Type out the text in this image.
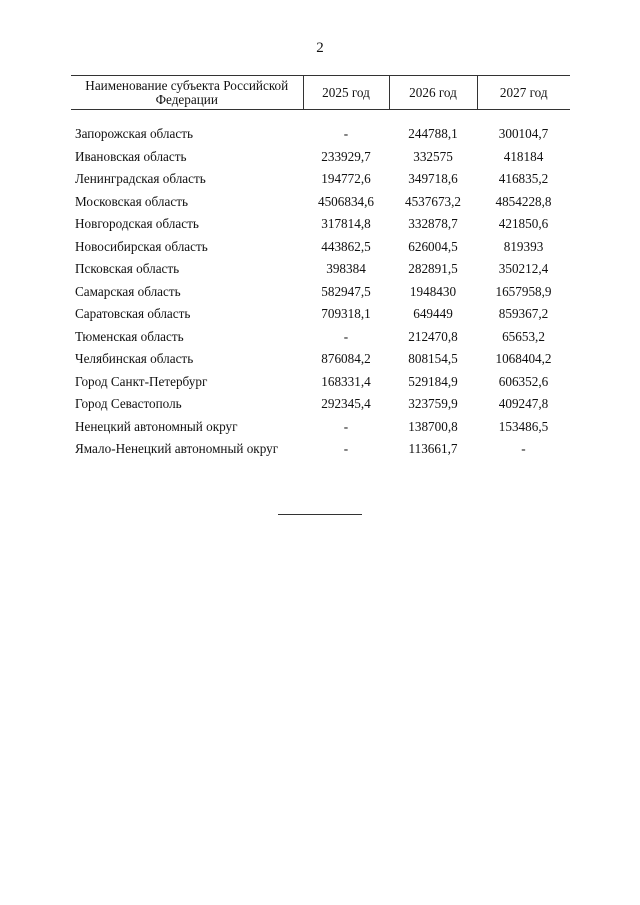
2
Наименование субъекта Российской Федерации	2025 год	2026 год	2027 год

Запорожская область	-	244788,1	300104,7
Ивановская область	233929,7	332575	418184
Ленинградская область	194772,6	349718,6	416835,2
Московская область	4506834,6	4537673,2	4854228,8
Новгородская область	317814,8	332878,7	421850,6
Новосибирская область	443862,5	626004,5	819393
Псковская область	398384	282891,5	350212,4
Самарская область	582947,5	1948430	1657958,9
Саратовская область	709318,1	649449	859367,2
Тюменская область	-	212470,8	65653,2
Челябинская область	876084,2	808154,5	1068404,2
Город Санкт-Петербург	168331,4	529184,9	606352,6
Город Севастополь	292345,4	323759,9	409247,8
Ненецкий автономный округ	-	138700,8	153486,5
Ямало-Ненецкий автономный округ	-	113661,7	-
